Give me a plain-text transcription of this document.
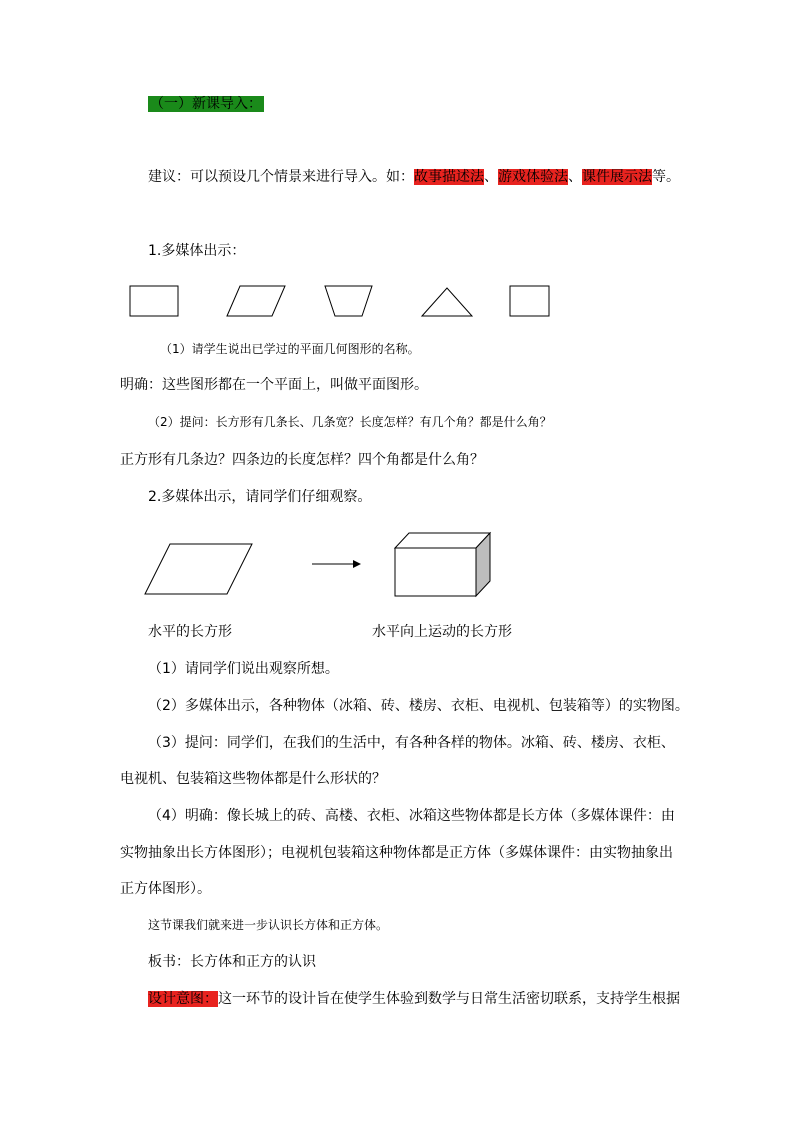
（一）新课导入：
建议：可以预设几个情景来进行导入。如：故事描述法、游戏体验法、课件展示法等。
1.多媒体出示：
（1）请学生说出已学过的平面几何图形的名称。
明确：这些图形都在一个平面上，叫做平面图形。
（2）提问：长方形有几条长、几条宽？长度怎样？有几个角？都是什么角？
正方形有几条边？四条边的长度怎样？四个角都是什么角？
2.多媒体出示，请同学们仔细观察。
水平的长方形	水平向上运动的长方形
（1）请同学们说出观察所想。
（2）多媒体出示，各种物体（冰箱、砖、楼房、衣柜、电视机、包装箱等）的实物图。
（3）提问：同学们，在我们的生活中，有各种各样的物体。冰箱、砖、楼房、衣柜、
电视机、包装箱这些物体都是什么形状的？
（4）明确：像长城上的砖、高楼、衣柜、冰箱这些物体都是长方体（多媒体课件：由
实物抽象出长方体图形）；电视机包装箱这种物体都是正方体（多媒体课件：由实物抽象出
正方体图形）。
这节课我们就来进一步认识长方体和正方体。
板书：长方体和正方的认识
设计意图：这一环节的设计旨在使学生体验到数学与日常生活密切联系，支持学生根据
